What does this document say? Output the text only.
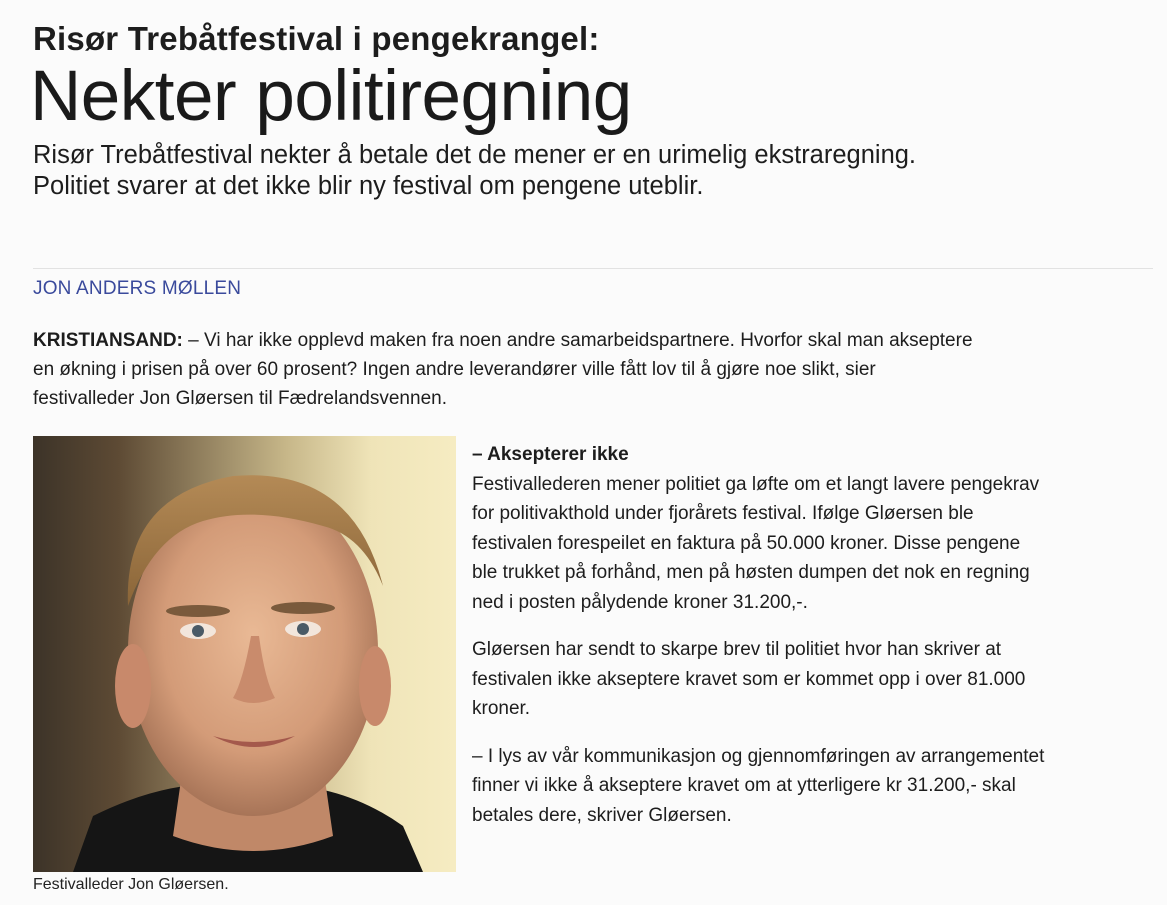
Risør Trebåtfestival i pengekrangel:
Nekter politiregning
Risør Trebåtfestival nekter å betale det de mener er en urimelig ekstraregning.
Politiet svarer at det ikke blir ny festival om pengene uteblir.
JON ANDERS MØLLEN
KRISTIANSAND: – Vi har ikke opplevd maken fra noen andre samarbeidspartnere. Hvorfor skal man akseptere
en økning i prisen på over 60 prosent? Ingen andre leverandører ville fått lov til å gjøre noe slikt, sier
festivalleder Jon Gløersen til Fædrelandsvennen.
Festivalleder Jon Gløersen.
– Aksepterer ikke
Festivallederen mener politiet ga løfte om et langt lavere pengekrav
for politivakthold under fjorårets festival. Ifølge Gløersen ble
festivalen forespeilet en faktura på 50.000 kroner. Disse pengene
ble trukket på forhånd, men på høsten dumpen det nok en regning
ned i posten pålydende kroner 31.200,-.
Gløersen har sendt to skarpe brev til politiet hvor han skriver at
festivalen ikke akseptere kravet som er kommet opp i over 81.000
kroner.
– I lys av vår kommunikasjon og gjennomføringen av arrangementet
finner vi ikke å akseptere kravet om at ytterligere kr 31.200,- skal
betales dere, skriver Gløersen.
